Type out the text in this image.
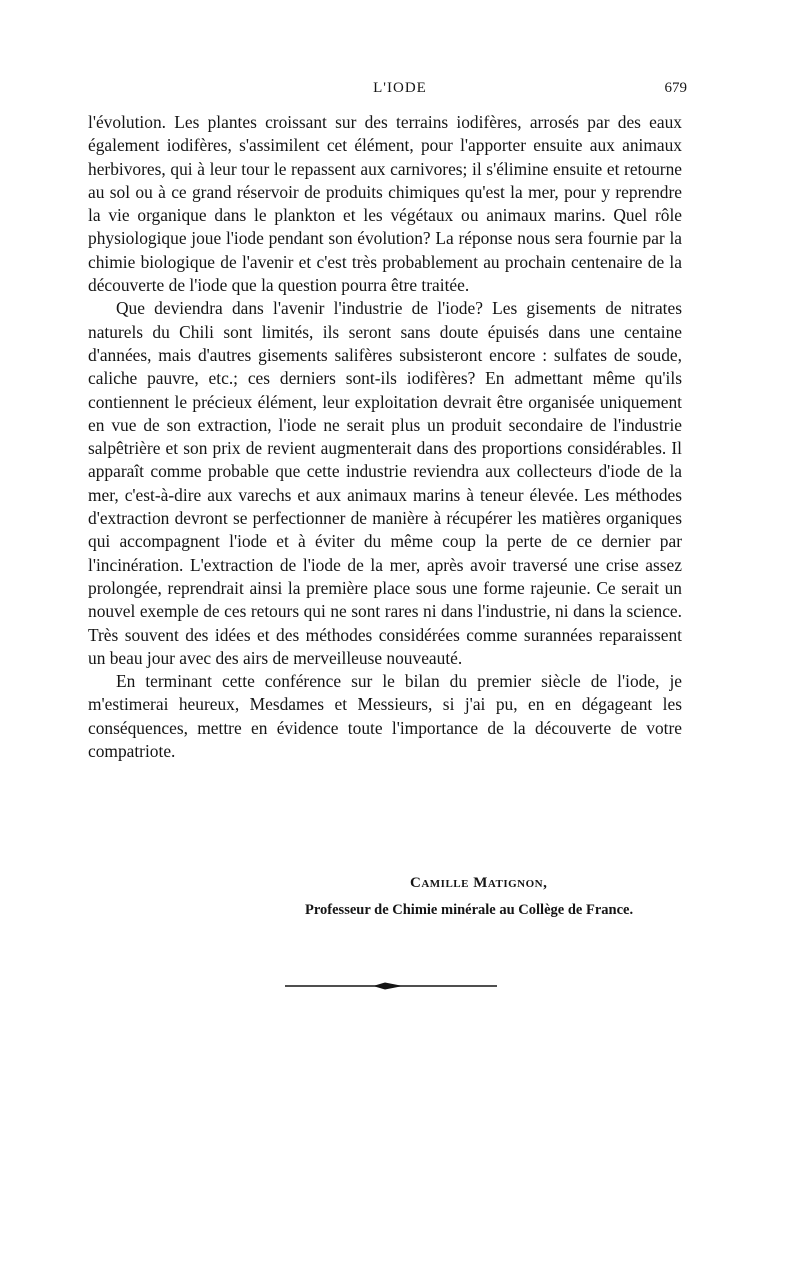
L'IODE	679

l'évolution. Les plantes croissant sur des terrains iodifères, arrosés par des eaux également iodifères, s'assimilent cet élément, pour l'apporter ensuite aux animaux herbivores, qui à leur tour le repassent aux carnivores; il s'élimine ensuite et retourne au sol ou à ce grand réservoir de produits chimiques qu'est la mer, pour y reprendre la vie organique dans le plankton et les végétaux ou animaux marins. Quel rôle physiologique joue l'iode pendant son évolution? La réponse nous sera fournie par la chimie biologique de l'avenir et c'est très probablement au prochain centenaire de la découverte de l'iode que la question pourra être traitée.

Que deviendra dans l'avenir l'industrie de l'iode? Les gisements de nitrates naturels du Chili sont limités, ils seront sans doute épuisés dans une centaine d'années, mais d'autres gisements salifères subsisteront encore : sulfates de soude, caliche pauvre, etc.; ces derniers sont-ils iodifères? En admettant même qu'ils contiennent le précieux élément, leur exploitation devrait être organisée uniquement en vue de son extraction, l'iode ne serait plus un produit secondaire de l'industrie salpêtrière et son prix de revient augmenterait dans des proportions considérables. Il apparaît comme probable que cette industrie reviendra aux collecteurs d'iode de la mer, c'est-à-dire aux varechs et aux animaux marins à teneur élevée. Les méthodes d'extraction devront se perfectionner de manière à récupérer les matières organiques qui accompagnent l'iode et à éviter du même coup la perte de ce dernier par l'incinération. L'extraction de l'iode de la mer, après avoir traversé une crise assez prolongée, reprendrait ainsi la première place sous une forme rajeunie. Ce serait un nouvel exemple de ces retours qui ne sont rares ni dans l'industrie, ni dans la science. Très souvent des idées et des méthodes considérées comme surannées reparaissent un beau jour avec des airs de merveilleuse nouveauté.

En terminant cette conférence sur le bilan du premier siècle de l'iode, je m'estimerai heureux, Mesdames et Messieurs, si j'ai pu, en en dégageant les conséquences, mettre en évidence toute l'importance de la découverte de votre compatriote.

Camille Matignon,
Professeur de Chimie minérale au Collège de France.
